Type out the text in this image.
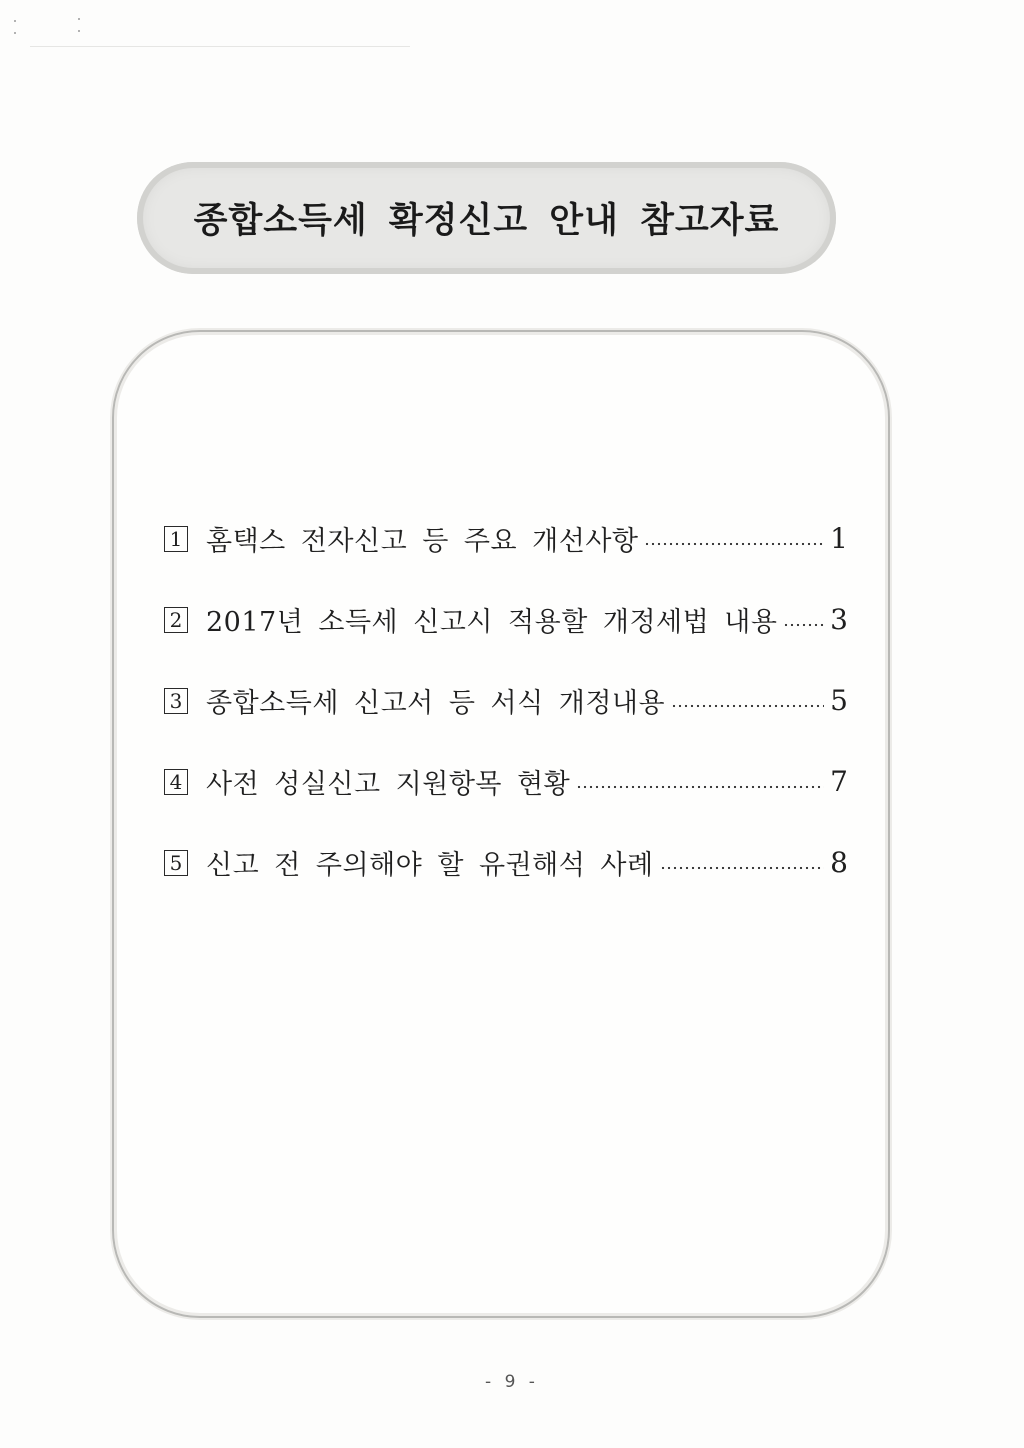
종합소득세 확정신고 안내 참고자료
1 홈택스 전자신고 등 주요 개선사항	1
2 2017년 소득세 신고시 적용할 개정세법 내용 3
3 종합소득세 신고서 등 서식 개정내용	5
4 사전 성실신고 지원항목 현황	7
5 신고 전 주의해야 할 유권해석 사례	8
- 9 -
